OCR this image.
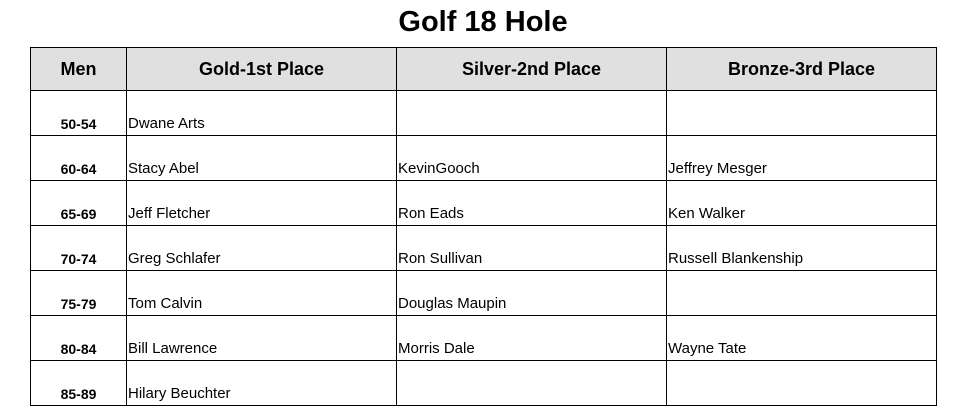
Golf 18 Hole
Men	Gold-1st Place	Silver-2nd Place	Bronze-3rd Place
50-54	Dwane Arts		
60-64	Stacy Abel	KevinGooch	Jeffrey Mesger
65-69	Jeff Fletcher	Ron Eads	Ken Walker
70-74	Greg Schlafer	Ron Sullivan	Russell Blankenship
75-79	Tom Calvin	Douglas Maupin	
80-84	Bill Lawrence	Morris Dale	Wayne Tate
85-89	Hilary Beuchter		
